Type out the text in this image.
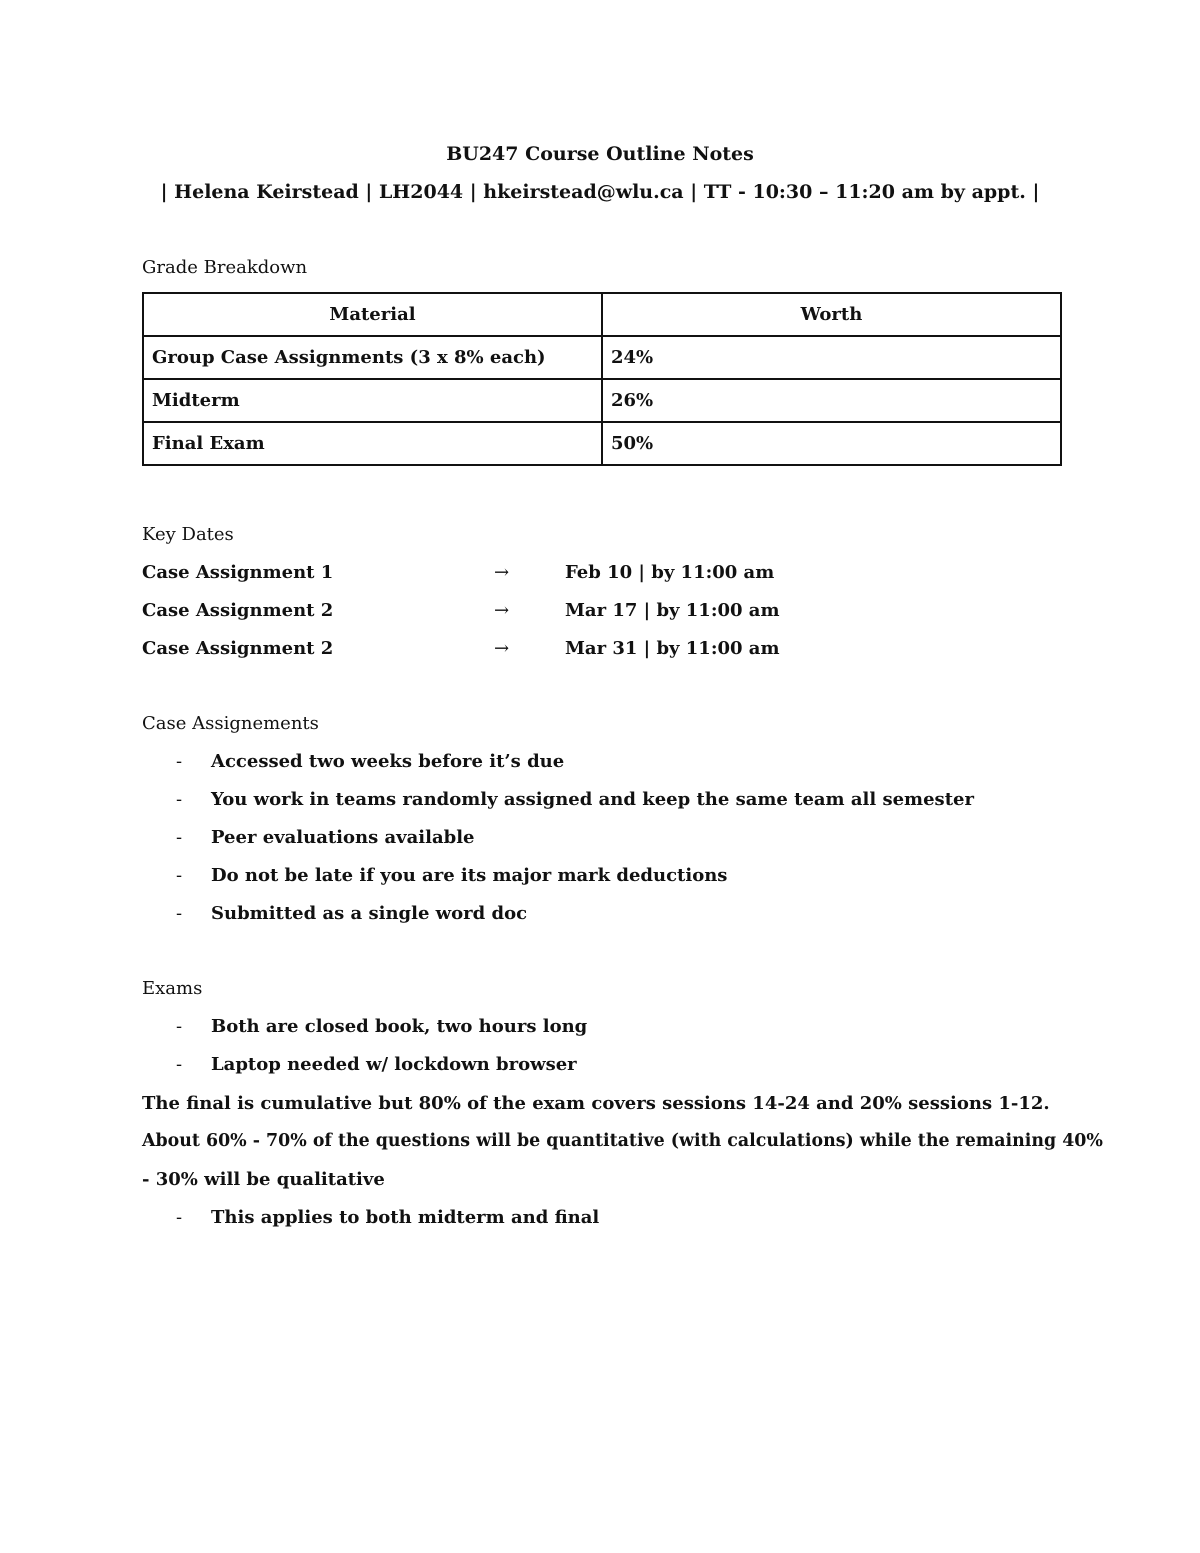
BU247 Course Outline Notes
| Helena Keirstead | LH2044 | hkeirstead@wlu.ca | TT - 10:30 – 11:20 am by appt. |
Grade Breakdown
Material	Worth
Group Case Assignments (3 x 8% each)	24%
Midterm	26%
Final Exam	50%
Key Dates
Case Assignment 1	→	Feb 10 | by 11:00 am
Case Assignment 2	→	Mar 17 | by 11:00 am
Case Assignment 2	→	Mar 31 | by 11:00 am
Case Assignements
- Accessed two weeks before it’s due
- You work in teams randomly assigned and keep the same team all semester
- Peer evaluations available
- Do not be late if you are its major mark deductions
- Submitted as a single word doc
Exams
- Both are closed book, two hours long
- Laptop needed w/ lockdown browser
The final is cumulative but 80% of the exam covers sessions 14-24 and 20% sessions 1-12.
About 60% - 70% of the questions will be quantitative (with calculations) while the remaining 40%
- 30% will be qualitative
- This applies to both midterm and final
